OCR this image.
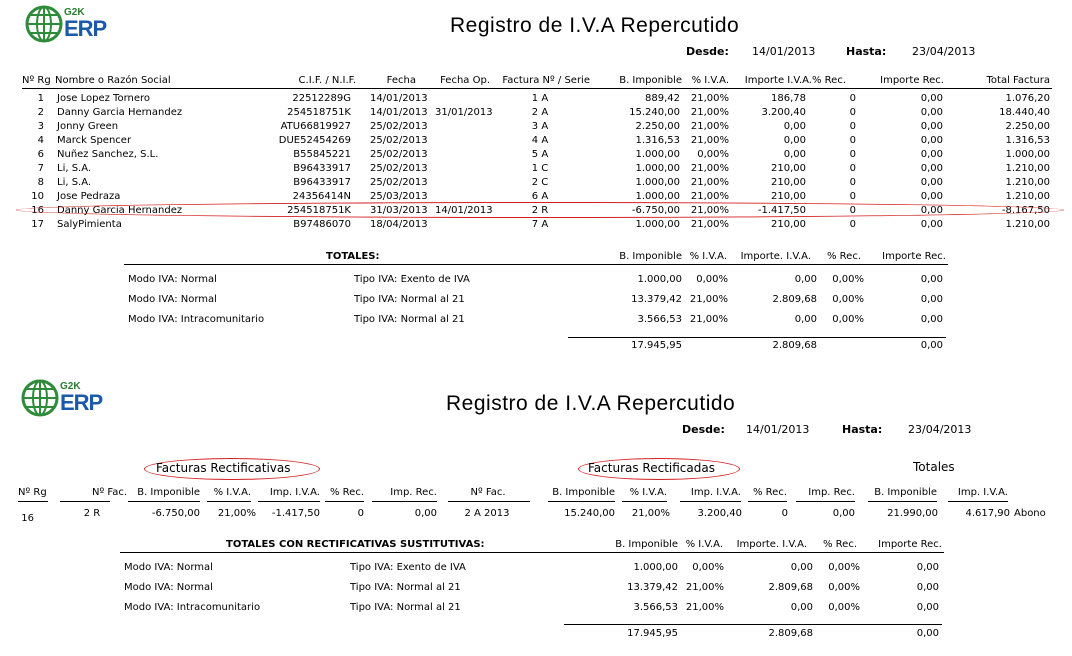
G2K
ERP	Registro de I.V.A Repercutido
Desde: 14/01/2013	Hasta: 23/04/2013
Nº Rg Nombre o Razón Social	C.I.F. / N.I.F.	Fecha Fecha Op. Factura Nº / Serie	B. Imponible % I.V.A. Importe I.V.A. % Rec.	Importe Rec.	Total Factura
1 Jose Lopez Tornero	22512289G 14/01/2013	1 A	889,42 21,00%	186,78	0	0,00	1.076,20
2 Danny Garcia Hernandez	254518751K 14/01/2013 31/01/2013	2 A	15.240,00 21,00%	3.200,40	0	0,00	18.440,40
3 Jonny Green	ATU66819927 25/02/2013	3 A	2.250,00 21,00%	0,00	0	0,00	2.250,00
4 Marck Spencer	DUE52454269 25/02/2013	4 A	1.316,53 21,00%	0,00	0	0,00	1.316,53
6 Nuñez Sanchez, S.L.	B55845221 25/02/2013	5 A	1.000,00 0,00%	0,00	0	0,00	1.000,00
7 Li, S.A.	B96433917 25/02/2013	1 C	1.000,00 21,00%	210,00	0	0,00	1.210,00
8 Li, S.A.	B96433917 25/02/2013	2 C	1.000,00 21,00%	210,00	0	0,00	1.210,00
10 Jose Pedraza	24356414N 25/03/2013	6 A	1.000,00 21,00%	210,00	0	0,00	1.210,00
16 Danny Garcia Hernandez	254518751K 31/03/2013 14/01/2013	2 R	-6.750,00 21,00%	-1.417,50	0	0,00	-8.167,50
17 SalyPimienta	B97486070 18/04/2013	7 A	1.000,00 21,00%	210,00	0	0,00	1.210,00
TOTALES:	B. Imponible % I.V.A. Importe. I.V.A. % Rec. Importe Rec.
Modo IVA: Normal	Tipo IVA: Exento de IVA	1.000,00 0,00%	0,00 0,00%	0,00
Modo IVA: Normal	Tipo IVA: Normal al 21	13.379,42 21,00%	2.809,68 0,00%	0,00
Modo IVA: Intracomunitario	Tipo IVA: Normal al 21	3.566,53 21,00%	0,00 0,00%	0,00
17.945,95	2.809,68	0,00
G2K
ERP	Registro de I.V.A Repercutido
Desde: 14/01/2013	Hasta: 23/04/2013
Facturas Rectificativas	Facturas Rectificadas	Totales
Nº Rg	Nº Fac. B. Imponible % I.V.A. Imp. I.V.A. % Rec.	Imp. Rec.	Nº Fac.	B. Imponible % I.V.A. Imp. I.V.A. % Rec. Imp. Rec. B. Imponible Imp. I.V.A.
16	2 R	-6.750,00 21,00% -1.417,50	0	0,00	2 A 2013	15.240,00 21,00%	3.200,40	0	0,00	21.990,00	4.617,90 Abono
TOTALES CON RECTIFICATIVAS SUSTITUTIVAS:	B. Imponible % I.V.A. Importe. I.V.A. % Rec. Importe Rec.
Modo IVA: Normal	Tipo IVA: Exento de IVA	1.000,00 0,00%	0,00 0,00%	0,00
Modo IVA: Normal	Tipo IVA: Normal al 21	13.379,42 21,00%	2.809,68 0,00%	0,00
Modo IVA: Intracomunitario	Tipo IVA: Normal al 21	3.566,53 21,00%	0,00 0,00%	0,00
17.945,95	2.809,68	0,00
